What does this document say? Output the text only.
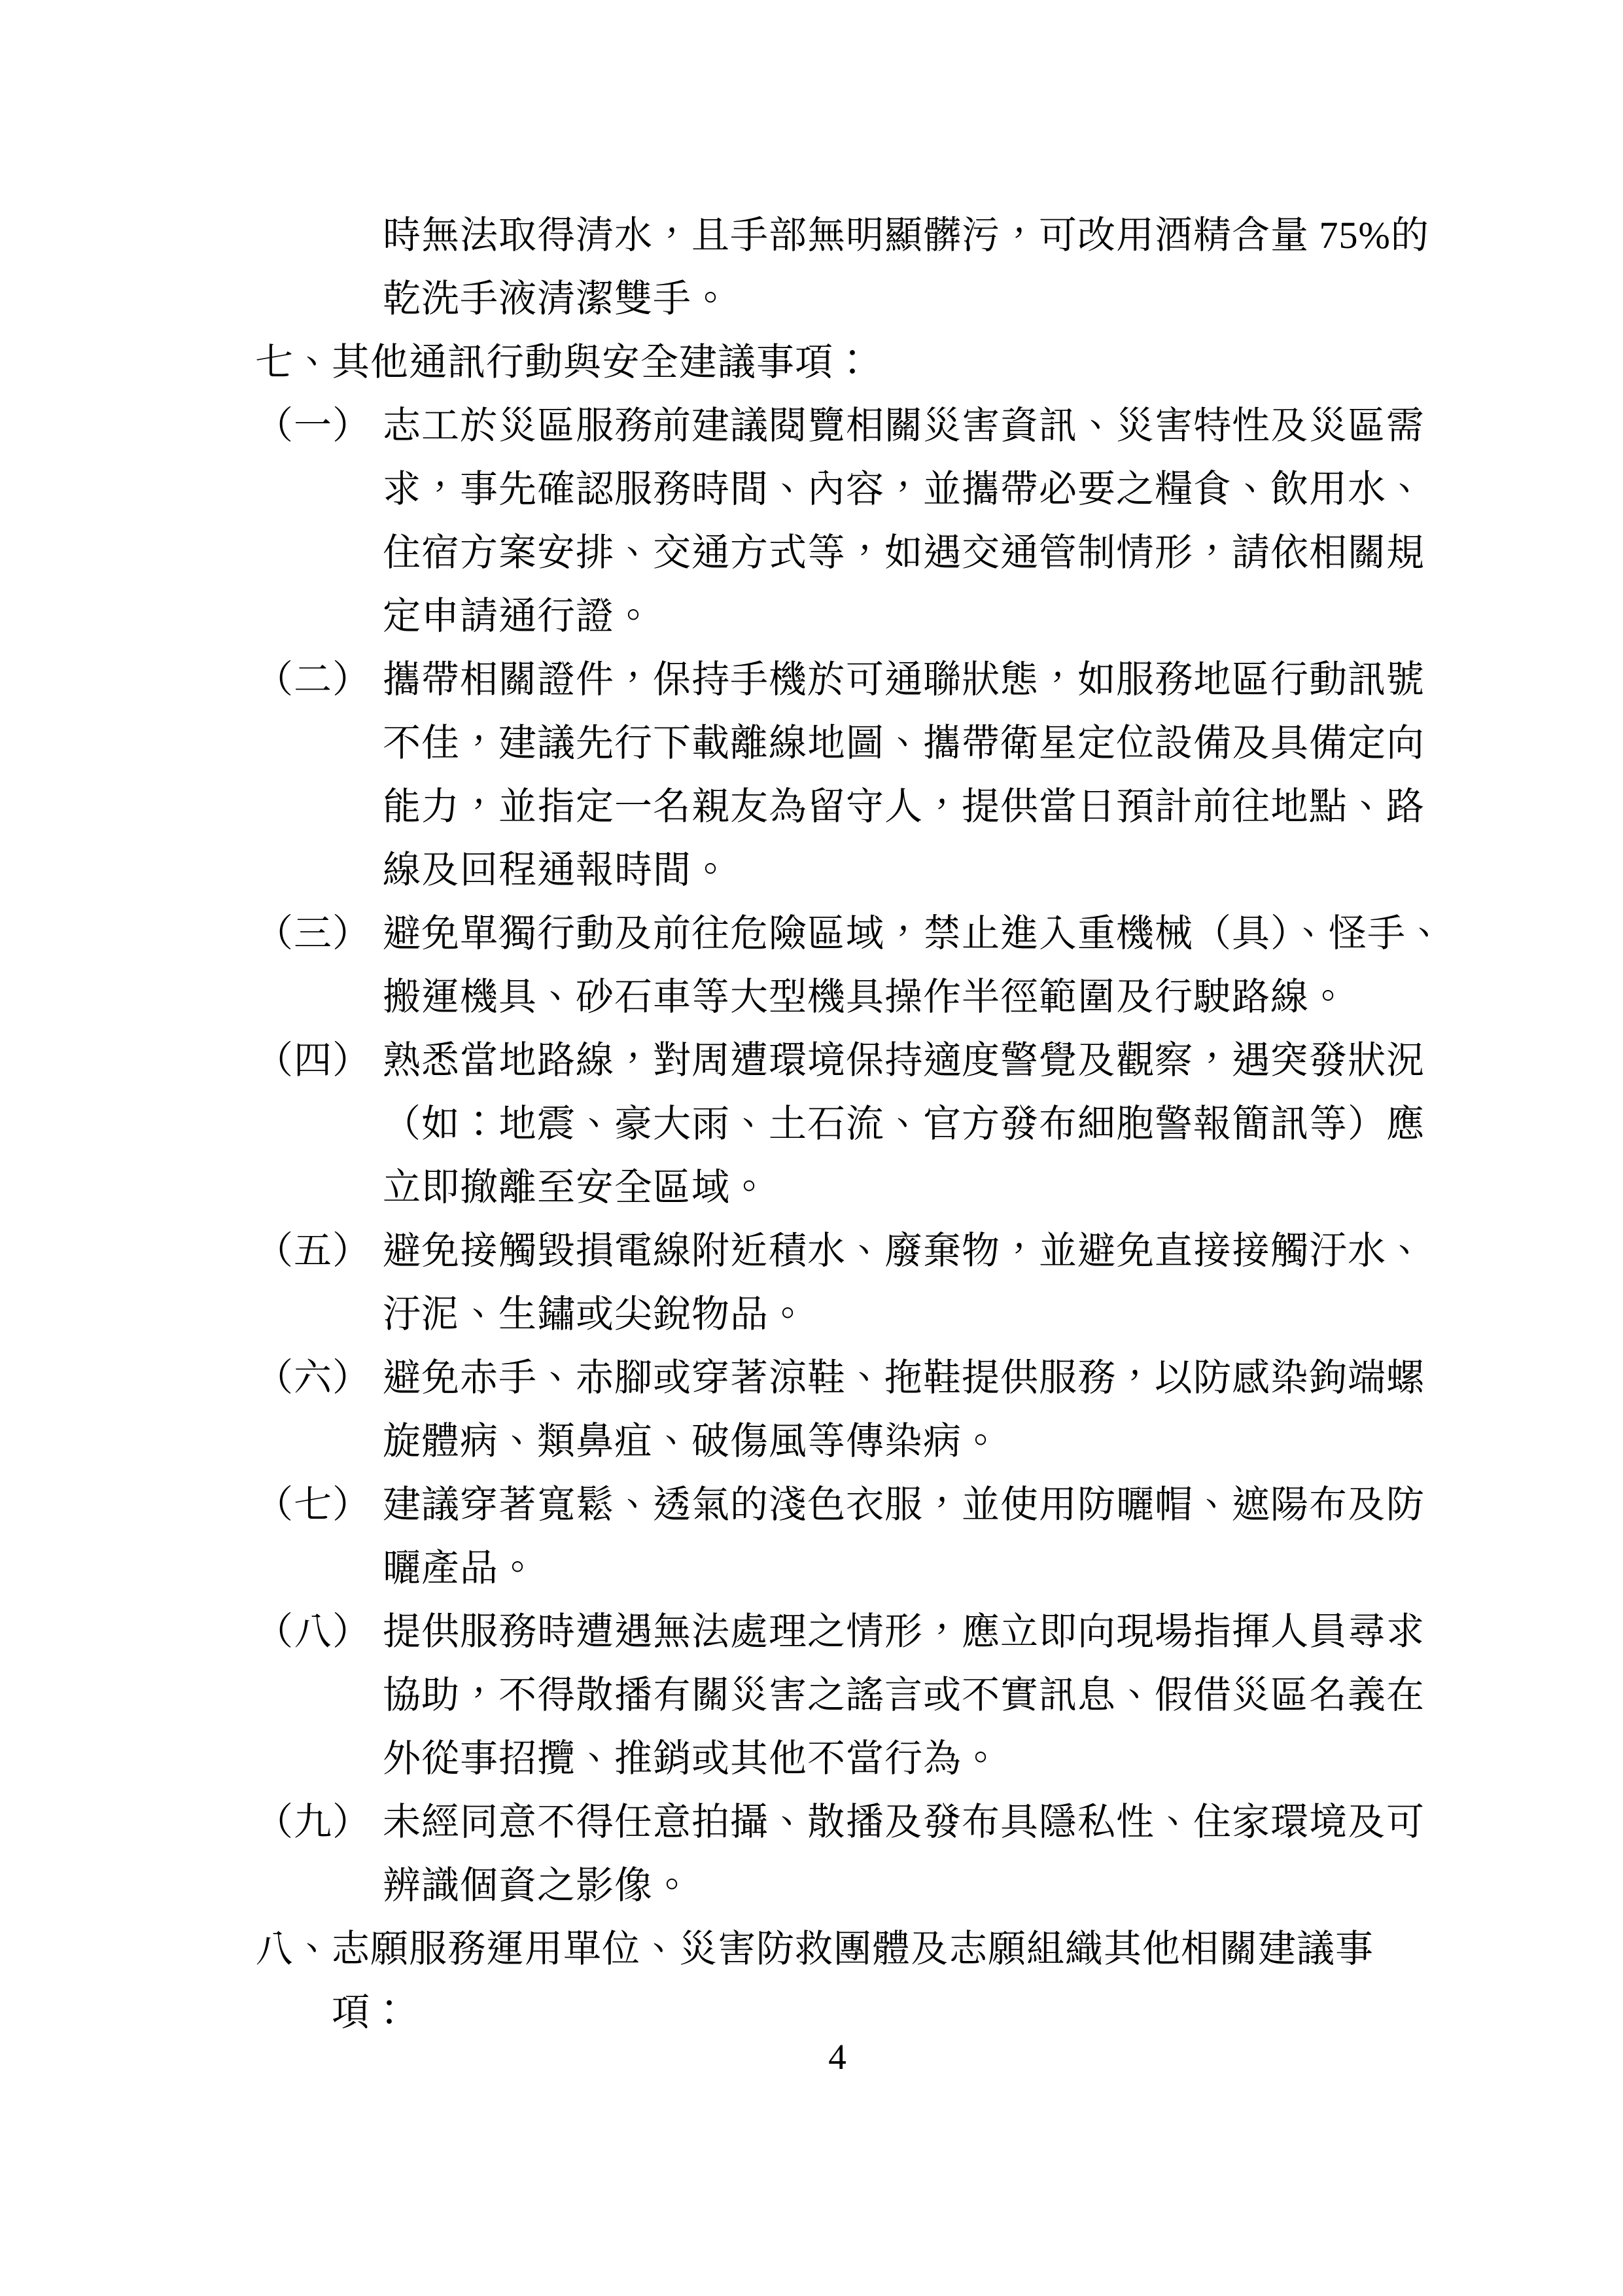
時無法取得清水，且手部無明顯髒污，可改用酒精含量 75%的
乾洗手液清潔雙手。
七、其他通訊行動與安全建議事項：
（一） 志工於災區服務前建議閱覽相關災害資訊、災害特性及災區需
求，事先確認服務時間、內容，並攜帶必要之糧食、飲用水、
住宿方案安排、交通方式等，如遇交通管制情形，請依相關規
定申請通行證。
（二） 攜帶相關證件，保持手機於可通聯狀態，如服務地區行動訊號
不佳，建議先行下載離線地圖、攜帶衛星定位設備及具備定向
能力，並指定一名親友為留守人，提供當日預計前往地點、路
線及回程通報時間。
（三） 避免單獨行動及前往危險區域，禁止進入重機械（具）、怪手、
搬運機具、砂石車等大型機具操作半徑範圍及行駛路線。
（四） 熟悉當地路線，對周遭環境保持適度警覺及觀察，遇突發狀況
（如：地震、豪大雨、土石流、官方發布細胞警報簡訊等）應
立即撤離至安全區域。
（五） 避免接觸毀損電線附近積水、廢棄物，並避免直接接觸汙水、
汙泥、生鏽或尖銳物品。
（六） 避免赤手、赤腳或穿著涼鞋、拖鞋提供服務，以防感染鉤端螺
旋體病、類鼻疽、破傷風等傳染病。
（七） 建議穿著寬鬆、透氣的淺色衣服，並使用防曬帽、遮陽布及防
曬產品。
（八） 提供服務時遭遇無法處理之情形，應立即向現場指揮人員尋求
協助，不得散播有關災害之謠言或不實訊息、假借災區名義在
外從事招攬、推銷或其他不當行為。
（九） 未經同意不得任意拍攝、散播及發布具隱私性、住家環境及可
辨識個資之影像。
八、志願服務運用單位、災害防救團體及志願組織其他相關建議事
項：
4
